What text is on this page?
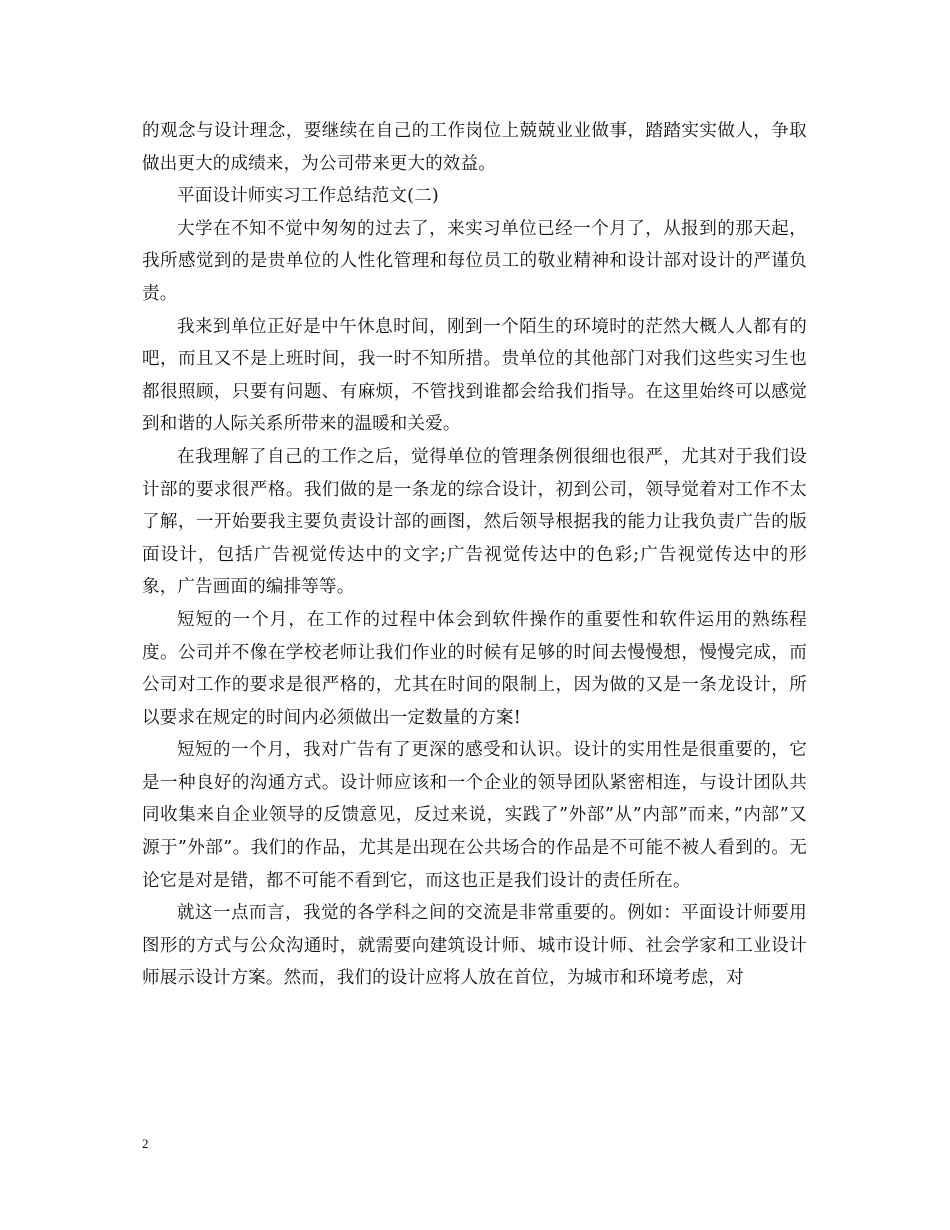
的观念与设计理念，要继续在自己的工作岗位上兢兢业业做事，踏踏实实做人，争取做出更大的成绩来，为公司带来更大的效益。

平面设计师实习工作总结范文(二)

大学在不知不觉中匆匆的过去了，来实习单位已经一个月了，从报到的那天起，我所感觉到的是贵单位的人性化管理和每位员工的敬业精神和设计部对设计的严谨负责。

我来到单位正好是中午休息时间，刚到一个陌生的环境时的茫然大概人人都有的吧，而且又不是上班时间，我一时不知所措。贵单位的其他部门对我们这些实习生也都很照顾，只要有问题、有麻烦，不管找到谁都会给我们指导。在这里始终可以感觉到和谐的人际关系所带来的温暖和关爱。

在我理解了自己的工作之后，觉得单位的管理条例很细也很严，尤其对于我们设计部的要求很严格。我们做的是一条龙的综合设计，初到公司，领导觉着对工作不太了解，一开始要我主要负责设计部的画图，然后领导根据我的能力让我负责广告的版面设计，包括广告视觉传达中的文字;广告视觉传达中的色彩;广告视觉传达中的形象，广告画面的编排等等。

短短的一个月，在工作的过程中体会到软件操作的重要性和软件运用的熟练程度。公司并不像在学校老师让我们作业的时候有足够的时间去慢慢想，慢慢完成，而公司对工作的要求是很严格的，尤其在时间的限制上，因为做的又是一条龙设计，所以要求在规定的时间内必须做出一定数量的方案!

短短的一个月，我对广告有了更深的感受和认识。设计的实用性是很重要的，它是一种良好的沟通方式。设计师应该和一个企业的领导团队紧密相连，与设计团队共同收集来自企业领导的反馈意见，反过来说，实践了”外部”从”内部”而来，”内部”又源于”外部”。我们的作品，尤其是出现在公共场合的作品是不可能不被人看到的。无论它是对是错，都不可能不看到它，而这也正是我们设计的责任所在。

就这一点而言，我觉的各学科之间的交流是非常重要的。例如：平面设计师要用图形的方式与公众沟通时，就需要向建筑设计师、城市设计师、社会学家和工业设计师展示设计方案。然而，我们的设计应将人放在首位，为城市和环境考虑，对

2
